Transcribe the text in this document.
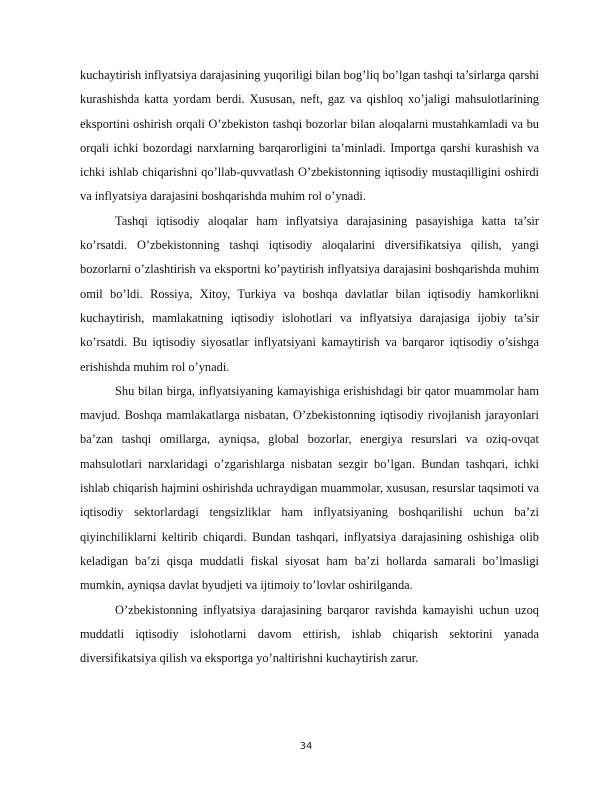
kuchaytirish inflyatsiya darajasining yuqoriligi bilan bog’liq bo’lgan tashqi ta’sirlarga qarshi kurashishda katta yordam berdi. Xususan, neft, gaz va qishloq xo’jaligi mahsulotlarining eksportini oshirish orqali O’zbekiston tashqi bozorlar bilan aloqalarni mustahkamladi va bu orqali ichki bozordagi narxlarning barqarorligini ta’minladi. Importga qarshi kurashish va ichki ishlab chiqarishni qo’llab-quvvatlash O’zbekistonning iqtisodiy mustaqilligini oshirdi va inflyatsiya darajasini boshqarishda muhim rol o’ynadi.

Tashqi iqtisodiy aloqalar ham inflyatsiya darajasining pasayishiga katta ta’sir ko’rsatdi. O’zbekistonning tashqi iqtisodiy aloqalarini diversifikatsiya qilish, yangi bozorlarni o’zlashtirish va eksportni ko’paytirish inflyatsiya darajasini boshqarishda muhim omil bo’ldi. Rossiya, Xitoy, Turkiya va boshqa davlatlar bilan iqtisodiy hamkorlikni kuchaytirish, mamlakatning iqtisodiy islohotlari va inflyatsiya darajasiga ijobiy ta’sir ko’rsatdi. Bu iqtisodiy siyosatlar inflyatsiyani kamaytirish va barqaror iqtisodiy o’sishga erishishda muhim rol o’ynadi.

Shu bilan birga, inflyatsiyaning kamayishiga erishishdagi bir qator muammolar ham mavjud. Boshqa mamlakatlarga nisbatan, O’zbekistonning iqtisodiy rivojlanish jarayonlari ba’zan tashqi omillarga, ayniqsa, global bozorlar, energiya resurslari va oziq-ovqat mahsulotlari narxlaridagi o’zgarishlarga nisbatan sezgir bo’lgan. Bundan tashqari, ichki ishlab chiqarish hajmini oshirishda uchraydigan muammolar, xususan, resurslar taqsimoti va iqtisodiy sektorlardagi tengsizliklar ham inflyatsiyaning boshqarilishi uchun ba’zi qiyinchiliklarni keltirib chiqardi. Bundan tashqari, inflyatsiya darajasining oshishiga olib keladigan ba’zi qisqa muddatli fiskal siyosat ham ba’zi hollarda samarali bo’lmasligi mumkin, ayniqsa davlat byudjeti va ijtimoiy to’lovlar oshirilganda.

O’zbekistonning inflyatsiya darajasining barqaror ravishda kamayishi uchun uzoq muddatli iqtisodiy islohotlarni davom ettirish, ishlab chiqarish sektorini yanada diversifikatsiya qilish va eksportga yo’naltirishni kuchaytirish zarur.

34
